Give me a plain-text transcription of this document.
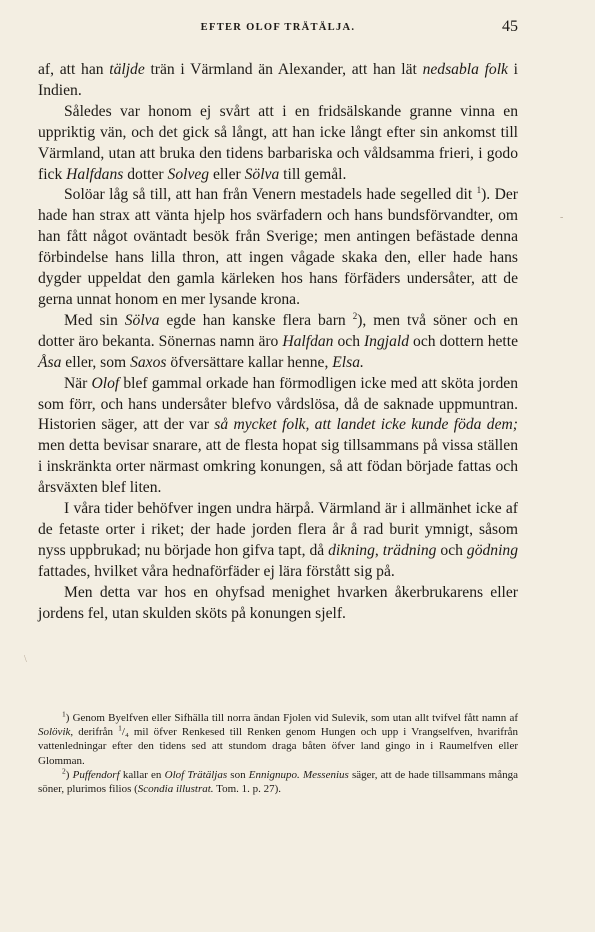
EFTER OLOF TRÄTÄLJA.	45

af, att han täljde trän i Värmland än Alexander, att han lät nedsabla folk i Indien.

Således var honom ej svårt att i en fridsälskande granne vinna en uppriktig vän, och det gick så långt, att han icke långt efter sin ankomst till Värmland, utan att bruka den tidens barbariska och våldsamma frieri, i godo fick Halfdans dotter Solveg eller Sölva till gemål.

Solöar låg så till, att han från Venern mestadels hade segelled dit $^1$). Der hade han strax att vänta hjelp hos svärfadern och hans bundsförvandter, om han fått något oväntadt besök från Sverige; men antingen befästade denna förbindelse hans lilla thron, att ingen vågade skaka den, eller hade hans dygder uppeldat den gamla kärleken hos hans förfäders undersåter, att de gerna unnat honom en mer lysande krona.

Med sin Sölva egde han kanske flera barn $^2$), men två söner och en dotter äro bekanta. Sönernas namn äro Halfdan och Ingjald och dottern hette Åsa eller, som Saxos öfversättare kallar henne, Elsa.

När Olof blef gammal orkade han förmodligen icke med att sköta jorden som förr, och hans undersåter blefvo vårdslösa, då de saknade uppmuntran. Historien säger, att der var så mycket folk, att landet icke kunde föda dem; men detta bevisar snarare, att de flesta hopat sig tillsammans på vissa ställen i inskränkta orter närmast omkring konungen, så att födan började fattas och årsväxten blef liten.

I våra tider behöfver ingen undra härpå. Värmland är i allmänhet icke af de fetaste orter i riket; der hade jorden flera år å rad burit ymnigt, såsom nyss uppbrukad; nu började hon gifva tapt, då dikning, trädning och gödning fattades, hvilket våra hednaförfäder ej lära förstått sig på.

Men detta var hos en ohyfsad menighet hvarken åkerbrukarens eller jordens fel, utan skulden sköts på konungen sjelf.

$^1$) Genom Byelfven eller Sifhälla till norra ändan Fjolen vid Sulevik, som utan allt tvifvel fått namn af Solövik, derifrån $^1$/₄ mil öfver Renkesed till Renken genom Hungen och upp i Vrangselfven, hvarifrån vattenledningar efter den tidens sed att stundom draga båten öfver land gingo in i Raumelfven eller Glomman.

$^2$) Puffendorf kallar en Olof Trätäljas son Ennignupo. Messenius säger, att de hade tillsammans många söner, plurimos filios (Scondia illustrat. Tom. 1. p. 27).

-
\
